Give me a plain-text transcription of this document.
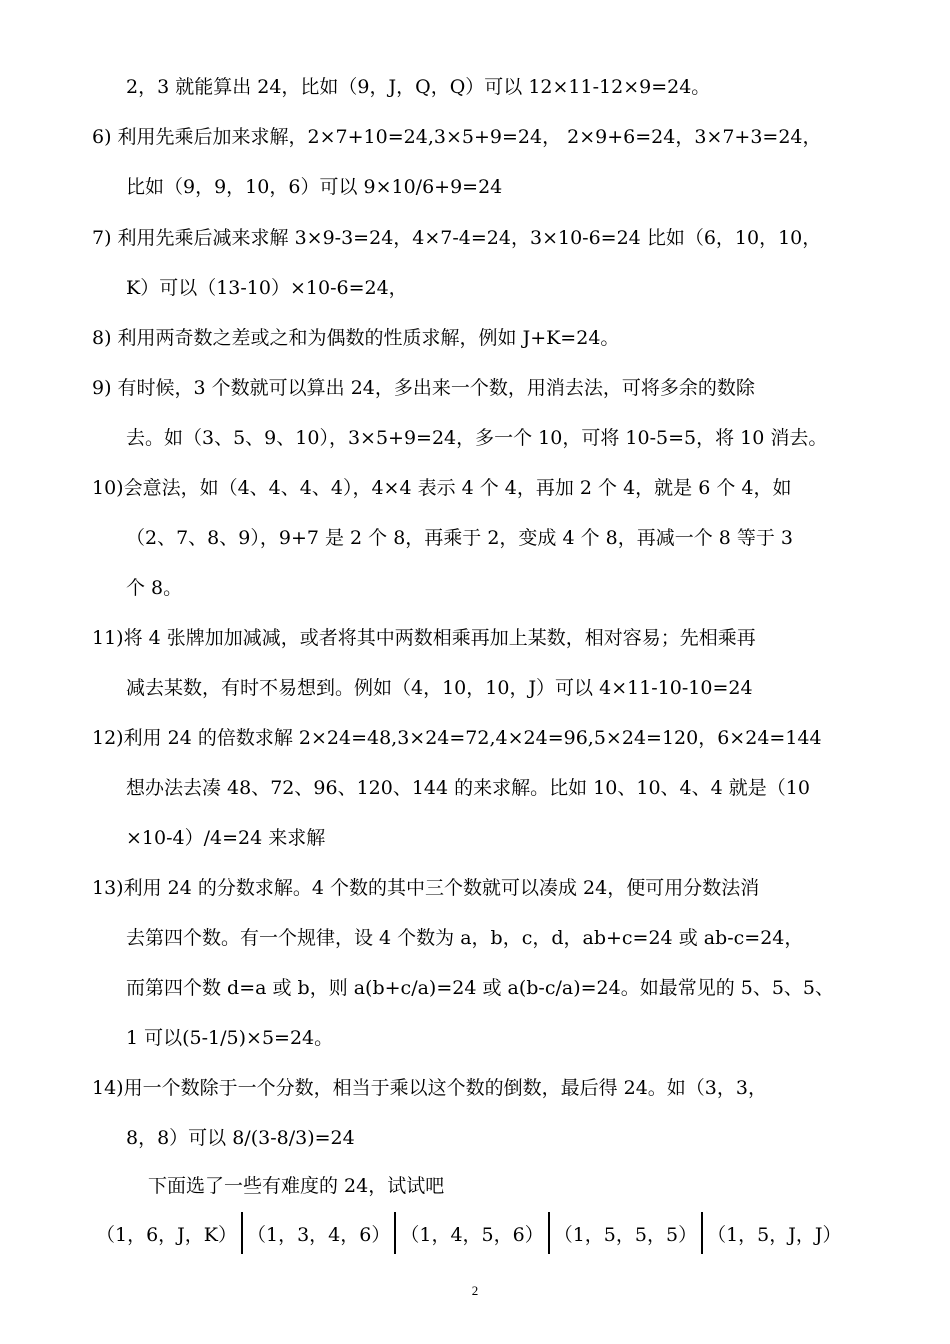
2，3 就能算出 24，比如（9，J，Q，Q）可以 12×11-12×9=24。
6) 利用先乘后加来求解，2×7+10=24,3×5+9=24， 2×9+6=24，3×7+3=24，
比如（9，9，10，6）可以 9×10/6+9=24
7) 利用先乘后减来求解 3×9-3=24，4×7-4=24，3×10-6=24 比如（6，10，10，
K）可以（13-10）×10-6=24，
8) 利用两奇数之差或之和为偶数的性质求解，例如 J+K=24。
9) 有时候，3 个数就可以算出 24，多出来一个数，用消去法，可将多余的数除
去。如（3、5、9、10），3×5+9=24，多一个 10，可将 10-5=5，将 10 消去。
10)会意法，如（4、4、4、4），4×4 表示 4 个 4，再加 2 个 4，就是 6 个 4，如
（2、7、8、9），9+7 是 2 个 8，再乘于 2，变成 4 个 8，再减一个 8 等于 3
个 8。
11)将 4 张牌加加减减，或者将其中两数相乘再加上某数，相对容易；先相乘再
减去某数，有时不易想到。例如（4，10，10，J）可以 4×11-10-10=24
12)利用 24 的倍数求解 2×24=48,3×24=72,4×24=96,5×24=120，6×24=144
想办法去凑 48、72、96、120、144 的来求解。比如 10、10、4、4 就是（10
×10-4）/4=24 来求解
13)利用 24 的分数求解。4 个数的其中三个数就可以凑成 24，便可用分数法消
去第四个数。有一个规律，设 4 个数为 a，b，c，d，ab+c=24 或 ab-c=24，
而第四个数 d=a 或 b，则 a(b+c/a)=24 或 a(b-c/a)=24。如最常见的 5、5、5、
1 可以(5-1/5)×5=24。
14)用一个数除于一个分数，相当于乘以这个数的倒数，最后得 24。如（3，3，
8，8）可以 8/(3-8/3)=24
下面选了一些有难度的 24，试试吧
（1，6，J，K） （1，3，4，6） （1，4，5，6） （1，5，5，5） （1，5，J，J）
2
